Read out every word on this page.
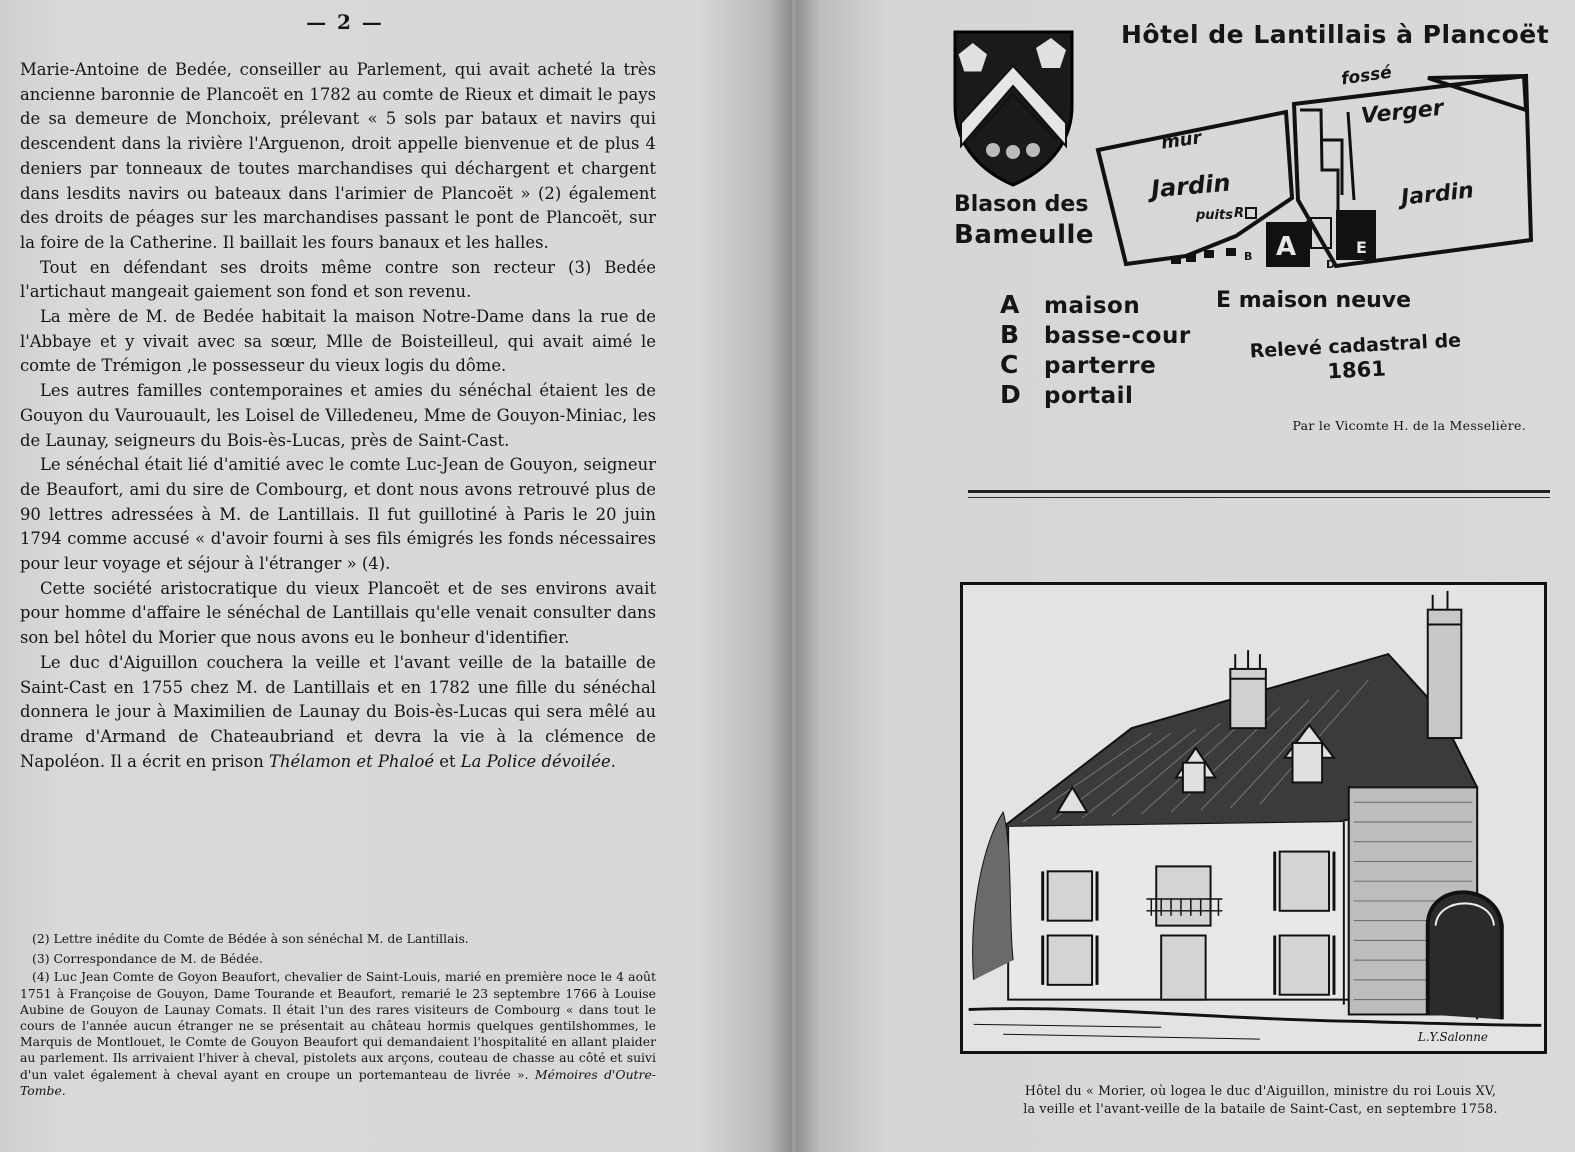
— 2 —

Marie-Antoine de Bedée, conseiller au Parlement, qui avait acheté la très ancienne baronnie de Plancoët en 1782 au comte de Rieux et dimait le pays de sa demeure de Monchoix, prélevant « 5 sols par bataux et navirs qui descendent dans la rivière l'Arguenon, droit appelle bienvenue et de plus 4 deniers par tonneaux de toutes marchandises qui déchargent et chargent dans lesdits navirs ou bateaux dans l'arimier de Plancoët » (2) également des droits de péages sur les marchandises passant le pont de Plancoët, sur la foire de la Catherine. Il baillait les fours banaux et les halles.

Tout en défendant ses droits même contre son recteur (3) Bedée l'artichaut mangeait gaiement son fond et son revenu.

La mère de M. de Bedée habitait la maison Notre-Dame dans la rue de l'Abbaye et y vivait avec sa sœur, Mlle de Boisteilleul, qui avait aimé le comte de Trémigon ,le possesseur du vieux logis du dôme.

Les autres familles contemporaines et amies du sénéchal étaient les de Gouyon du Vaurouault, les Loisel de Villedeneu, Mme de Gouyon-Miniac, les de Launay, seigneurs du Bois-ès-Lucas, près de Saint-Cast.

Le sénéchal était lié d'amitié avec le comte Luc-Jean de Gouyon, seigneur de Beaufort, ami du sire de Combourg, et dont nous avons retrouvé plus de 90 lettres adressées à M. de Lantillais. Il fut guillotiné à Paris le 20 juin 1794 comme accusé « d'avoir fourni à ses fils émigrés les fonds nécessaires pour leur voyage et séjour à l'étranger » (4).

Cette société aristocratique du vieux Plancoët et de ses environs avait pour homme d'affaire le sénéchal de Lantillais qu'elle venait consulter dans son bel hôtel du Morier que nous avons eu le bonheur d'identifier.

Le duc d'Aiguillon couchera la veille et l'avant veille de la bataille de Saint-Cast en 1755 chez M. de Lantillais et en 1782 une fille du sénéchal donnera le jour à Maximilien de Launay du Bois-ès-Lucas qui sera mêlé au drame d'Armand de Chateaubriand et devra la vie à la clémence de Napoléon. Il a écrit en prison Thélamon et Phaloé et La Police dévoilée.

(2) Lettre inédite du Comte de Bédée à son sénéchal M. de Lantillais.

(3) Correspondance de M. de Bédée.

(4) Luc Jean Comte de Goyon Beaufort, chevalier de Saint-Louis, marié en première noce le 4 août 1751 à Françoise de Gouyon, Dame Tourande et Beaufort, remarié le 23 septembre 1766 à Louise Aubine de Gouyon de Launay Comats. Il était l'un des rares visiteurs de Combourg « dans tout le cours de l'année aucun étranger ne se présentait au château hormis quelques gentilshommes, le Marquis de Montlouet, le Comte de Gouyon Beaufort qui demandaient l'hospitalité en allant plaider au parlement. Ils arrivaient l'hiver à cheval, pistolets aux arçons, couteau de chasse au côté et suivi d'un valet également à cheval ayant en croupe un portemanteau de livrée ». Mémoires d'Outre-Tombe.

Hôtel de Lantillais à Plancoët
Blason des
Bameulle
fossé
Verger
mur
Jardin	Jardin
puits R
A
C
B
D
E
A maison
B basse-cour
C parterre
D portail
E maison neuve
Relevé cadastral de
1861
Par le Vicomte H. de la Messelière.
L.Y.Salonne
Hôtel du « Morier, où logea le duc d'Aiguillon, ministre du roi Louis XV,
la veille et l'avant-veille de la bataile de Saint-Cast, en septembre 1758.
